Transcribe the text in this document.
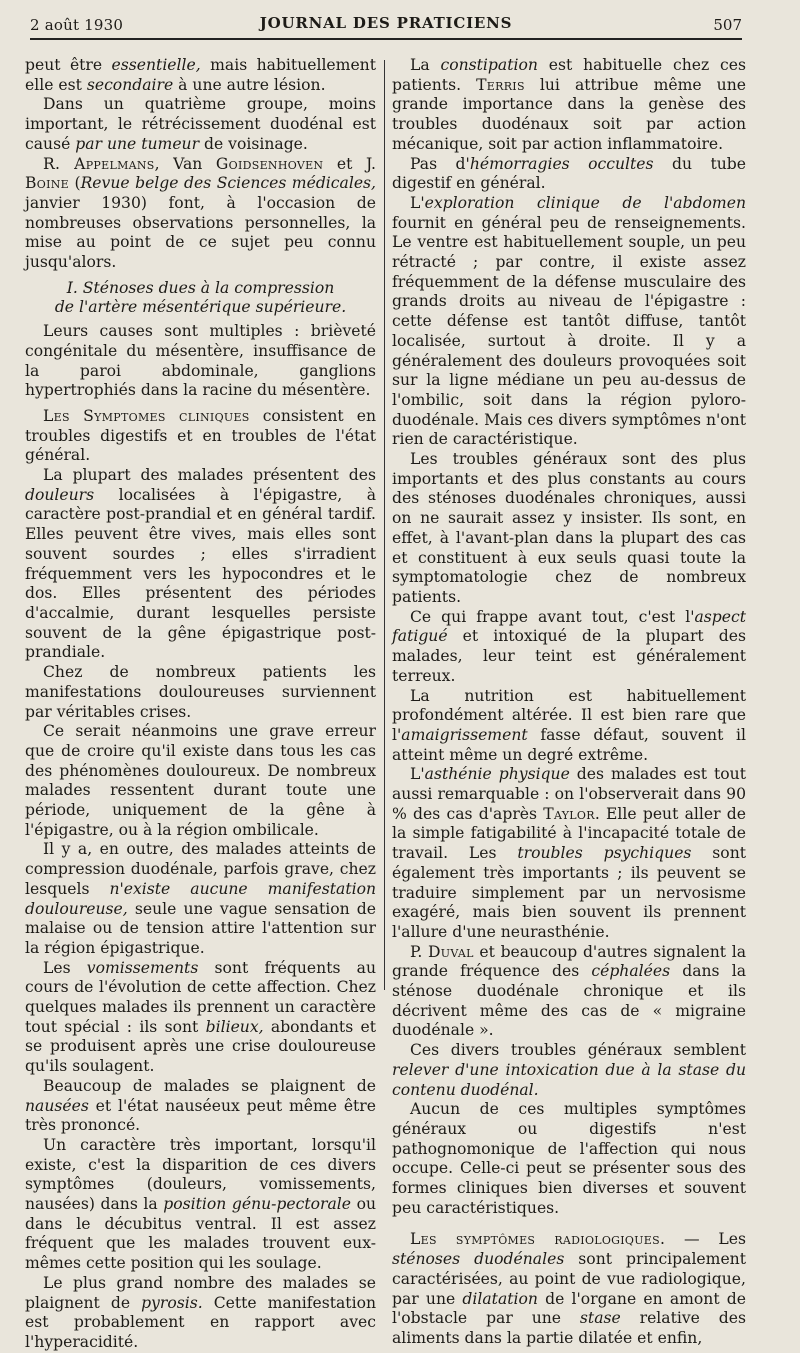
2 août 1930	JOURNAL DES PRATICIENS	507

peut être essentielle, mais habituellement elle est secondaire à une autre lésion.

Dans un quatrième groupe, moins important, le rétrécissement duodénal est causé par une tumeur de voisinage.

R. Appelmans, Van Goidsenhoven et J. Boine (Revue belge des Sciences médicales, janvier 1930) font, à l'occasion de nombreuses observations personnelles, la mise au point de ce sujet peu connu jusqu'alors.

I. Sténoses dues à la compression
de l'artère mésentérique supérieure.

Leurs causes sont multiples : brièveté congénitale du mésentère, insuffisance de la paroi abdominale, ganglions hypertrophiés dans la racine du mésentère.

Les Symptomes cliniques consistent en troubles digestifs et en troubles de l'état général.

La plupart des malades présentent des douleurs localisées à l'épigastre, à caractère post-prandial et en général tardif. Elles peuvent être vives, mais elles sont souvent sourdes ; elles s'irradient fréquemment vers les hypocondres et le dos. Elles présentent des périodes d'accalmie, durant lesquelles persiste souvent de la gêne épigastrique post-prandiale.

Chez de nombreux patients les manifestations douloureuses surviennent par véritables crises.

Ce serait néanmoins une grave erreur que de croire qu'il existe dans tous les cas des phénomènes douloureux. De nombreux malades ressentent durant toute une période, uniquement de la gêne à l'épigastre, ou à la région ombilicale.

Il y a, en outre, des malades atteints de compression duodénale, parfois grave, chez lesquels n'existe aucune manifestation douloureuse, seule une vague sensation de malaise ou de tension attire l'attention sur la région épigastrique.

Les vomissements sont fréquents au cours de l'évolution de cette affection. Chez quelques malades ils prennent un caractère tout spécial : ils sont bilieux, abondants et se produisent après une crise douloureuse qu'ils soulagent.

Beaucoup de malades se plaignent de nausées et l'état nauséeux peut même être très prononcé.

Un caractère très important, lorsqu'il existe, c'est la disparition de ces divers symptômes (douleurs, vomissements, nausées) dans la position génu-pectorale ou dans le décubitus ventral. Il est assez fréquent que les malades trouvent eux-mêmes cette position qui les soulage.

Le plus grand nombre des malades se plaignent de pyrosis. Cette manifestation est probablement en rapport avec l'hyperacidité.

La constipation est habituelle chez ces patients. Terris lui attribue même une grande importance dans la genèse des troubles duodénaux soit par action mécanique, soit par action inflammatoire.

Pas d'hémorragies occultes du tube digestif en général.

L'exploration clinique de l'abdomen fournit en général peu de renseignements. Le ventre est habituellement souple, un peu rétracté ; par contre, il existe assez fréquemment de la défense musculaire des grands droits au niveau de l'épigastre : cette défense est tantôt diffuse, tantôt localisée, surtout à droite. Il y a généralement des douleurs provoquées soit sur la ligne médiane un peu au-dessus de l'ombilic, soit dans la région pyloro-duodénale. Mais ces divers symptômes n'ont rien de caractéristique.

Les troubles généraux sont des plus importants et des plus constants au cours des sténoses duodénales chroniques, aussi on ne saurait assez y insister. Ils sont, en effet, à l'avant-plan dans la plupart des cas et constituent à eux seuls quasi toute la symptomatologie chez de nombreux patients.

Ce qui frappe avant tout, c'est l'aspect fatigué et intoxiqué de la plupart des malades, leur teint est généralement terreux.

La nutrition est habituellement profondément altérée. Il est bien rare que l'amaigrissement fasse défaut, souvent il atteint même un degré extrême.

L'asthénie physique des malades est tout aussi remarquable : on l'observerait dans 90 % des cas d'après Taylor. Elle peut aller de la simple fatigabilité à l'incapacité totale de travail. Les troubles psychiques sont également très importants ; ils peuvent se traduire simplement par un nervosisme exagéré, mais bien souvent ils prennent l'allure d'une neurasthénie.

P. Duval et beaucoup d'autres signalent la grande fréquence des céphalées dans la sténose duodénale chronique et ils décrivent même des cas de « migraine duodénale ».

Ces divers troubles généraux semblent relever d'une intoxication due à la stase du contenu duodénal.

Aucun de ces multiples symptômes généraux ou digestifs n'est pathognomonique de l'affection qui nous occupe. Celle-ci peut se présenter sous des formes cliniques bien diverses et souvent peu caractéristiques.

Les symptômes radiologiques. — Les sténoses duodénales sont principalement caractérisées, au point de vue radiologique, par une dilatation de l'organe en amont de l'obstacle par une stase relative des aliments dans la partie dilatée et enfin,
